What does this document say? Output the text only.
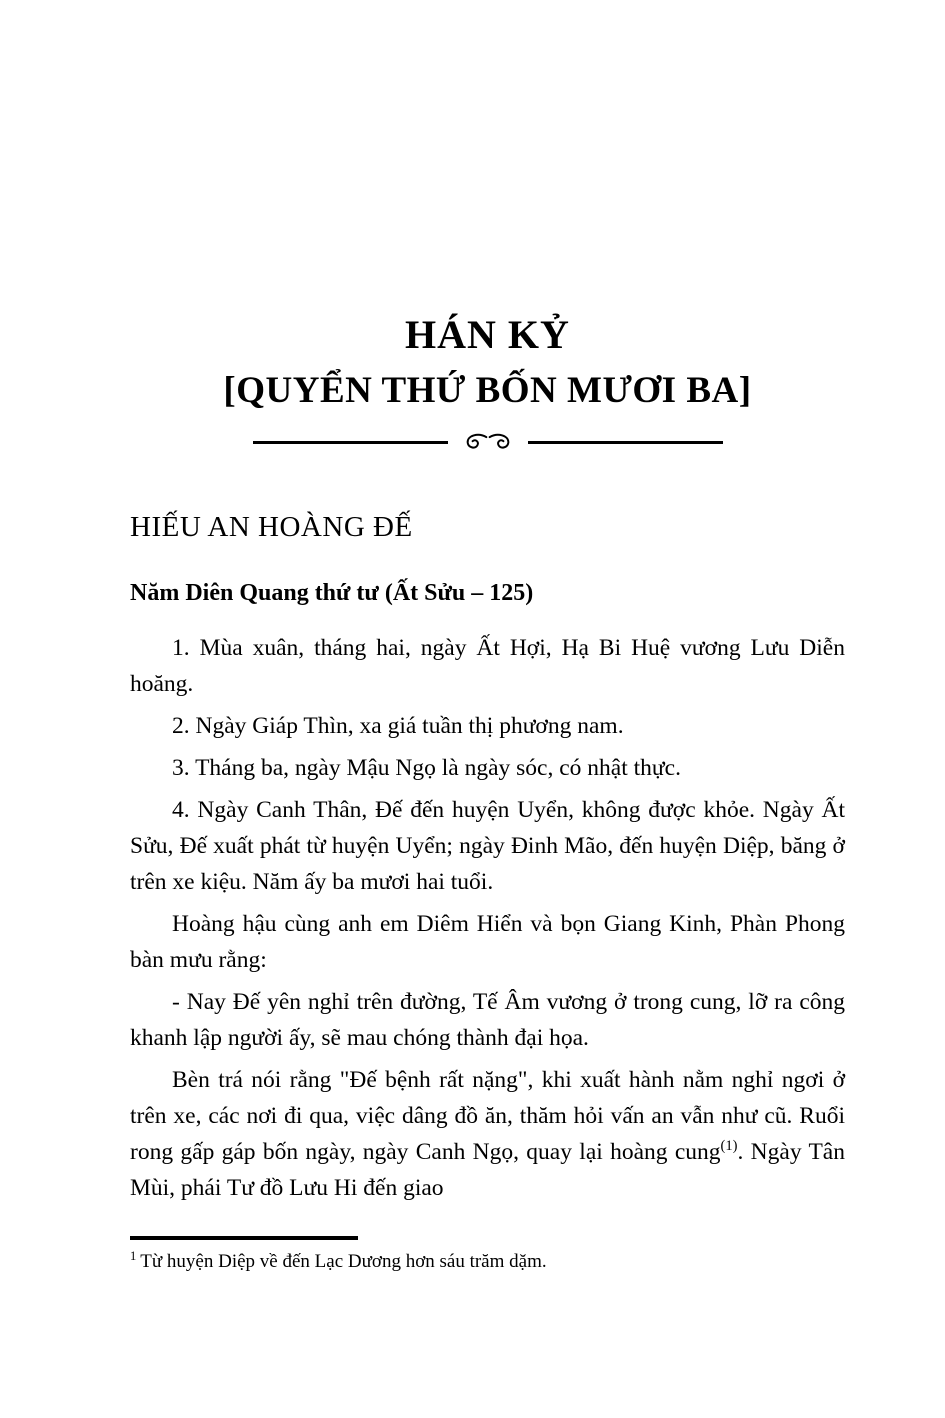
HÁN KỶ
[QUYỂN THỨ BỐN MƯƠI BA]
HIẾU AN HOÀNG ĐẾ
Năm Diên Quang thứ tư (Ất Sửu – 125)

1. Mùa xuân, tháng hai, ngày Ất Hợi, Hạ Bi Huệ vương Lưu Diễn hoăng.

2. Ngày Giáp Thìn, xa giá tuần thị phương nam.

3. Tháng ba, ngày Mậu Ngọ là ngày sóc, có nhật thực.

4. Ngày Canh Thân, Đế đến huyện Uyển, không được khỏe. Ngày Ất Sửu, Đế xuất phát từ huyện Uyển; ngày Đinh Mão, đến huyện Diệp, băng ở trên xe kiệu. Năm ấy ba mươi hai tuổi.

Hoàng hậu cùng anh em Diêm Hiển và bọn Giang Kinh, Phàn Phong bàn mưu rằng:

- Nay Đế yên nghỉ trên đường, Tế Âm vương ở trong cung, lỡ ra công khanh lập người ấy, sẽ mau chóng thành đại họa.

Bèn trá nói rằng "Đế bệnh rất nặng", khi xuất hành nằm nghỉ ngơi ở trên xe, các nơi đi qua, việc dâng đồ ăn, thăm hỏi vấn an vẫn như cũ. Ruổi rong gấp gáp bốn ngày, ngày Canh Ngọ, quay lại hoàng cung$^{(1)}$. Ngày Tân Mùi, phái Tư đồ Lưu Hi đến giao

$^1$ Từ huyện Diệp về đến Lạc Dương hơn sáu trăm dặm.
